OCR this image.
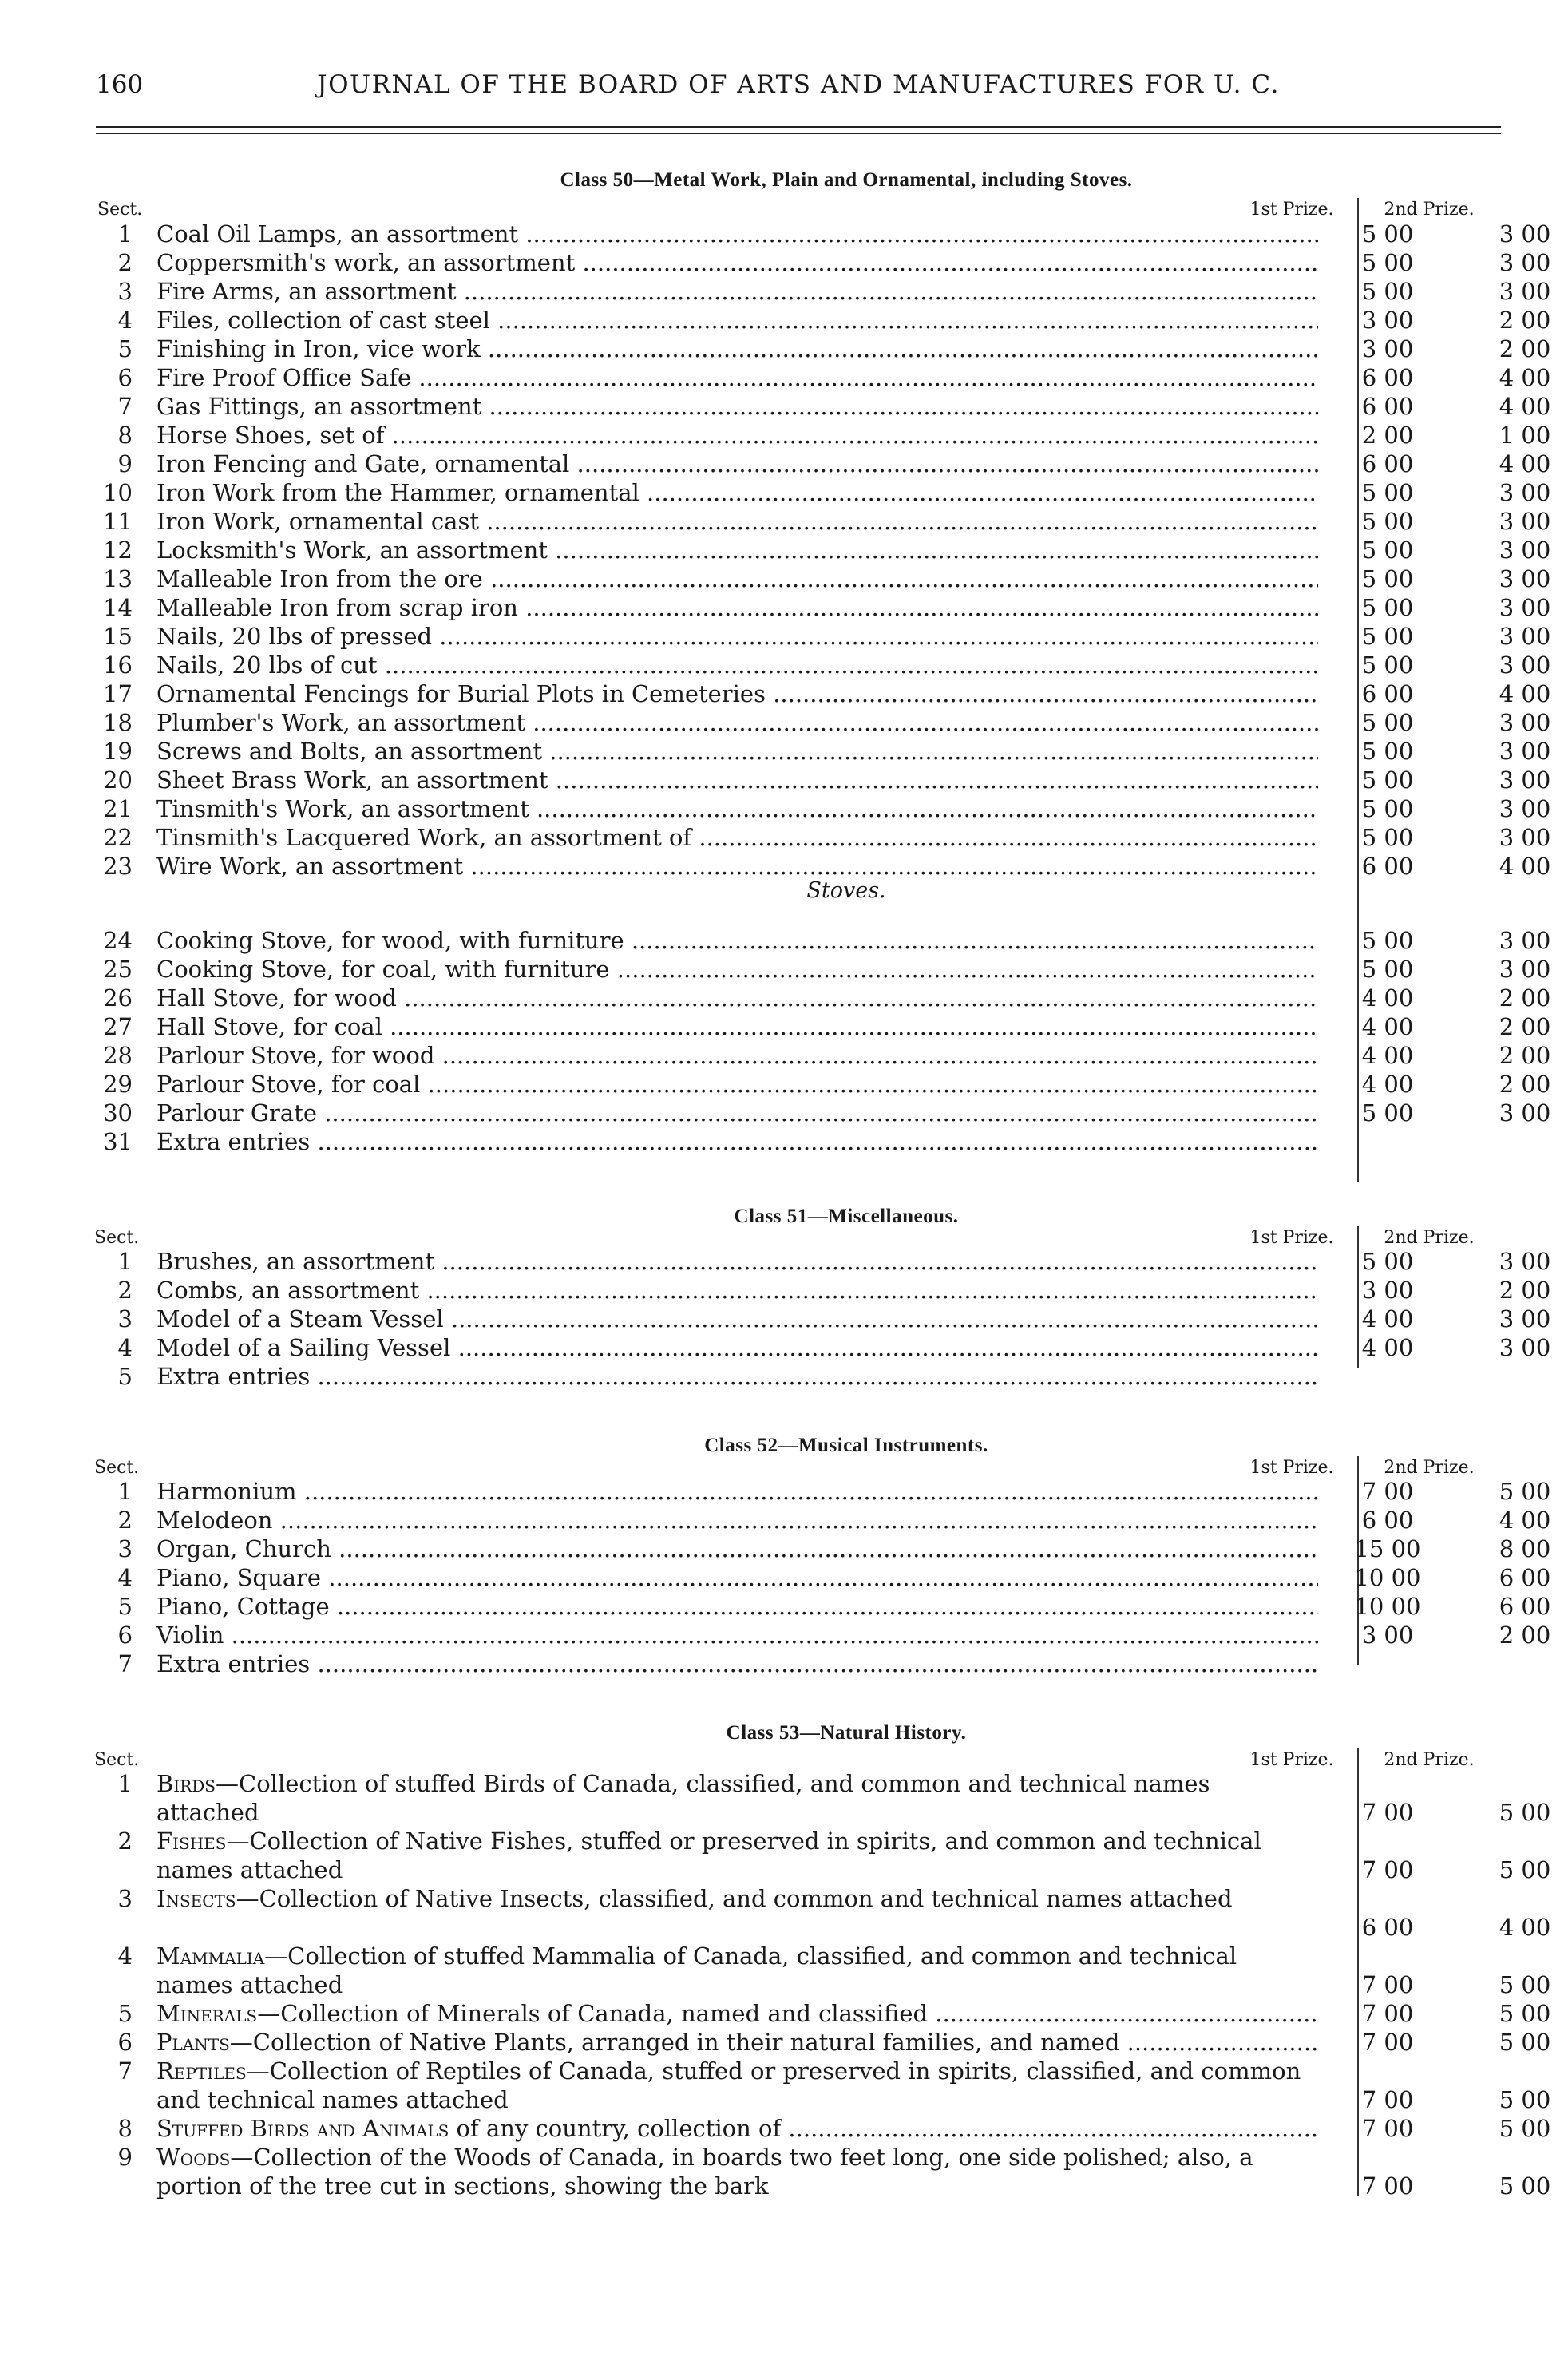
160	JOURNAL OF THE BOARD OF ARTS AND MANUFACTURES FOR U. C.
Class 50—Metal Work, Plain and Ornamental, including Stoves.
Sect.	1st Prize.	2nd Prize.
1 Coal Oil Lamps, an assortment .....	5 00	3 00
2 Coppersmith's work, an assortment .....	5 00	3 00
3 Fire Arms, an assortment .....	5 00	3 00
4 Files, collection of cast steel .....	3 00	2 00
5 Finishing in Iron, vice work .....	3 00	2 00
6 Fire Proof Office Safe .....	6 00	4 00
7 Gas Fittings, an assortment .....	6 00	4 00
8 Horse Shoes, set of .....	2 00	1 00
9 Iron Fencing and Gate, ornamental .....	6 00	4 00
10 Iron Work from the Hammer, ornamental .....	5 00	3 00
11 Iron Work, ornamental cast .....	5 00	3 00
12 Locksmith's Work, an assortment .....	5 00	3 00
13 Malleable Iron from the ore .....	5 00	3 00
14 Malleable Iron from scrap iron .....	5 00	3 00
15 Nails, 20 lbs of pressed .....	5 00	3 00
16 Nails, 20 lbs of cut .....	5 00	3 00
17 Ornamental Fencings for Burial Plots in Cemeteries .....	6 00	4 00
18 Plumber's Work, an assortment .....	5 00	3 00
19 Screws and Bolts, an assortment .....	5 00	3 00
20 Sheet Brass Work, an assortment .....	5 00	3 00
21 Tinsmith's Work, an assortment .....	5 00	3 00
22 Tinsmith's Lacquered Work, an assortment of .....	5 00	3 00
23 Wire Work, an assortment .....	6 00	4 00
Stoves.
24 Cooking Stove, for wood, with furniture .....	5 00	3 00
25 Cooking Stove, for coal, with furniture .....	5 00	3 00
26 Hall Stove, for wood .....	4 00	2 00
27 Hall Stove, for coal .....	4 00	2 00
28 Parlour Stove, for wood .....	4 00	2 00
29 Parlour Stove, for coal .....	4 00	2 00
30 Parlour Grate .....	5 00	3 00
31 Extra entries .....
Class 51—Miscellaneous.
Sect.	1st Prize.	2nd Prize.
1 Brushes, an assortment .....	5 00	3 00
2 Combs, an assortment .....	3 00	2 00
3 Model of a Steam Vessel .....	4 00	3 00
4 Model of a Sailing Vessel .....	4 00	3 00
5 Extra entries .....
Class 52—Musical Instruments.
Sect.	1st Prize.	2nd Prize.
1 Harmonium .....	7 00	5 00
2 Melodeon .....	6 00	4 00
3 Organ, Church .....	15 00	8 00
4 Piano, Square .....	10 00	6 00
5 Piano, Cottage .....	10 00	6 00
6 Violin .....	3 00	2 00
7 Extra entries .....
Class 53—Natural History.
Sect.	1st Prize.	2nd Prize.
1 Birds—Collection of stuffed Birds of Canada, classified, and common and technical names attached	7 00	5 00
2 Fishes—Collection of Native Fishes, stuffed or preserved in spirits, and common and technical names attached	7 00	5 00
3 Insects—Collection of Native Insects, classified, and common and technical names attached
6 00	4 00
4 Mammalia—Collection of stuffed Mammalia of Canada, classified, and common and technical names attached	7 00	5 00
5 Minerals—Collection of Minerals of Canada, named and classified .....	7 00	5 00
6 Plants—Collection of Native Plants, arranged in their natural families, and named .....	7 00	5 00
7 Reptiles—Collection of Reptiles of Canada, stuffed or preserved in spirits, classified, and common and technical names attached	7 00	5 00
8 Stuffed Birds and Animals of any country, collection of .....	7 00	5 00
9 Woods—Collection of the Woods of Canada, in boards two feet long, one side polished; also, a portion of the tree cut in sections, showing the bark	7 00	5 00
